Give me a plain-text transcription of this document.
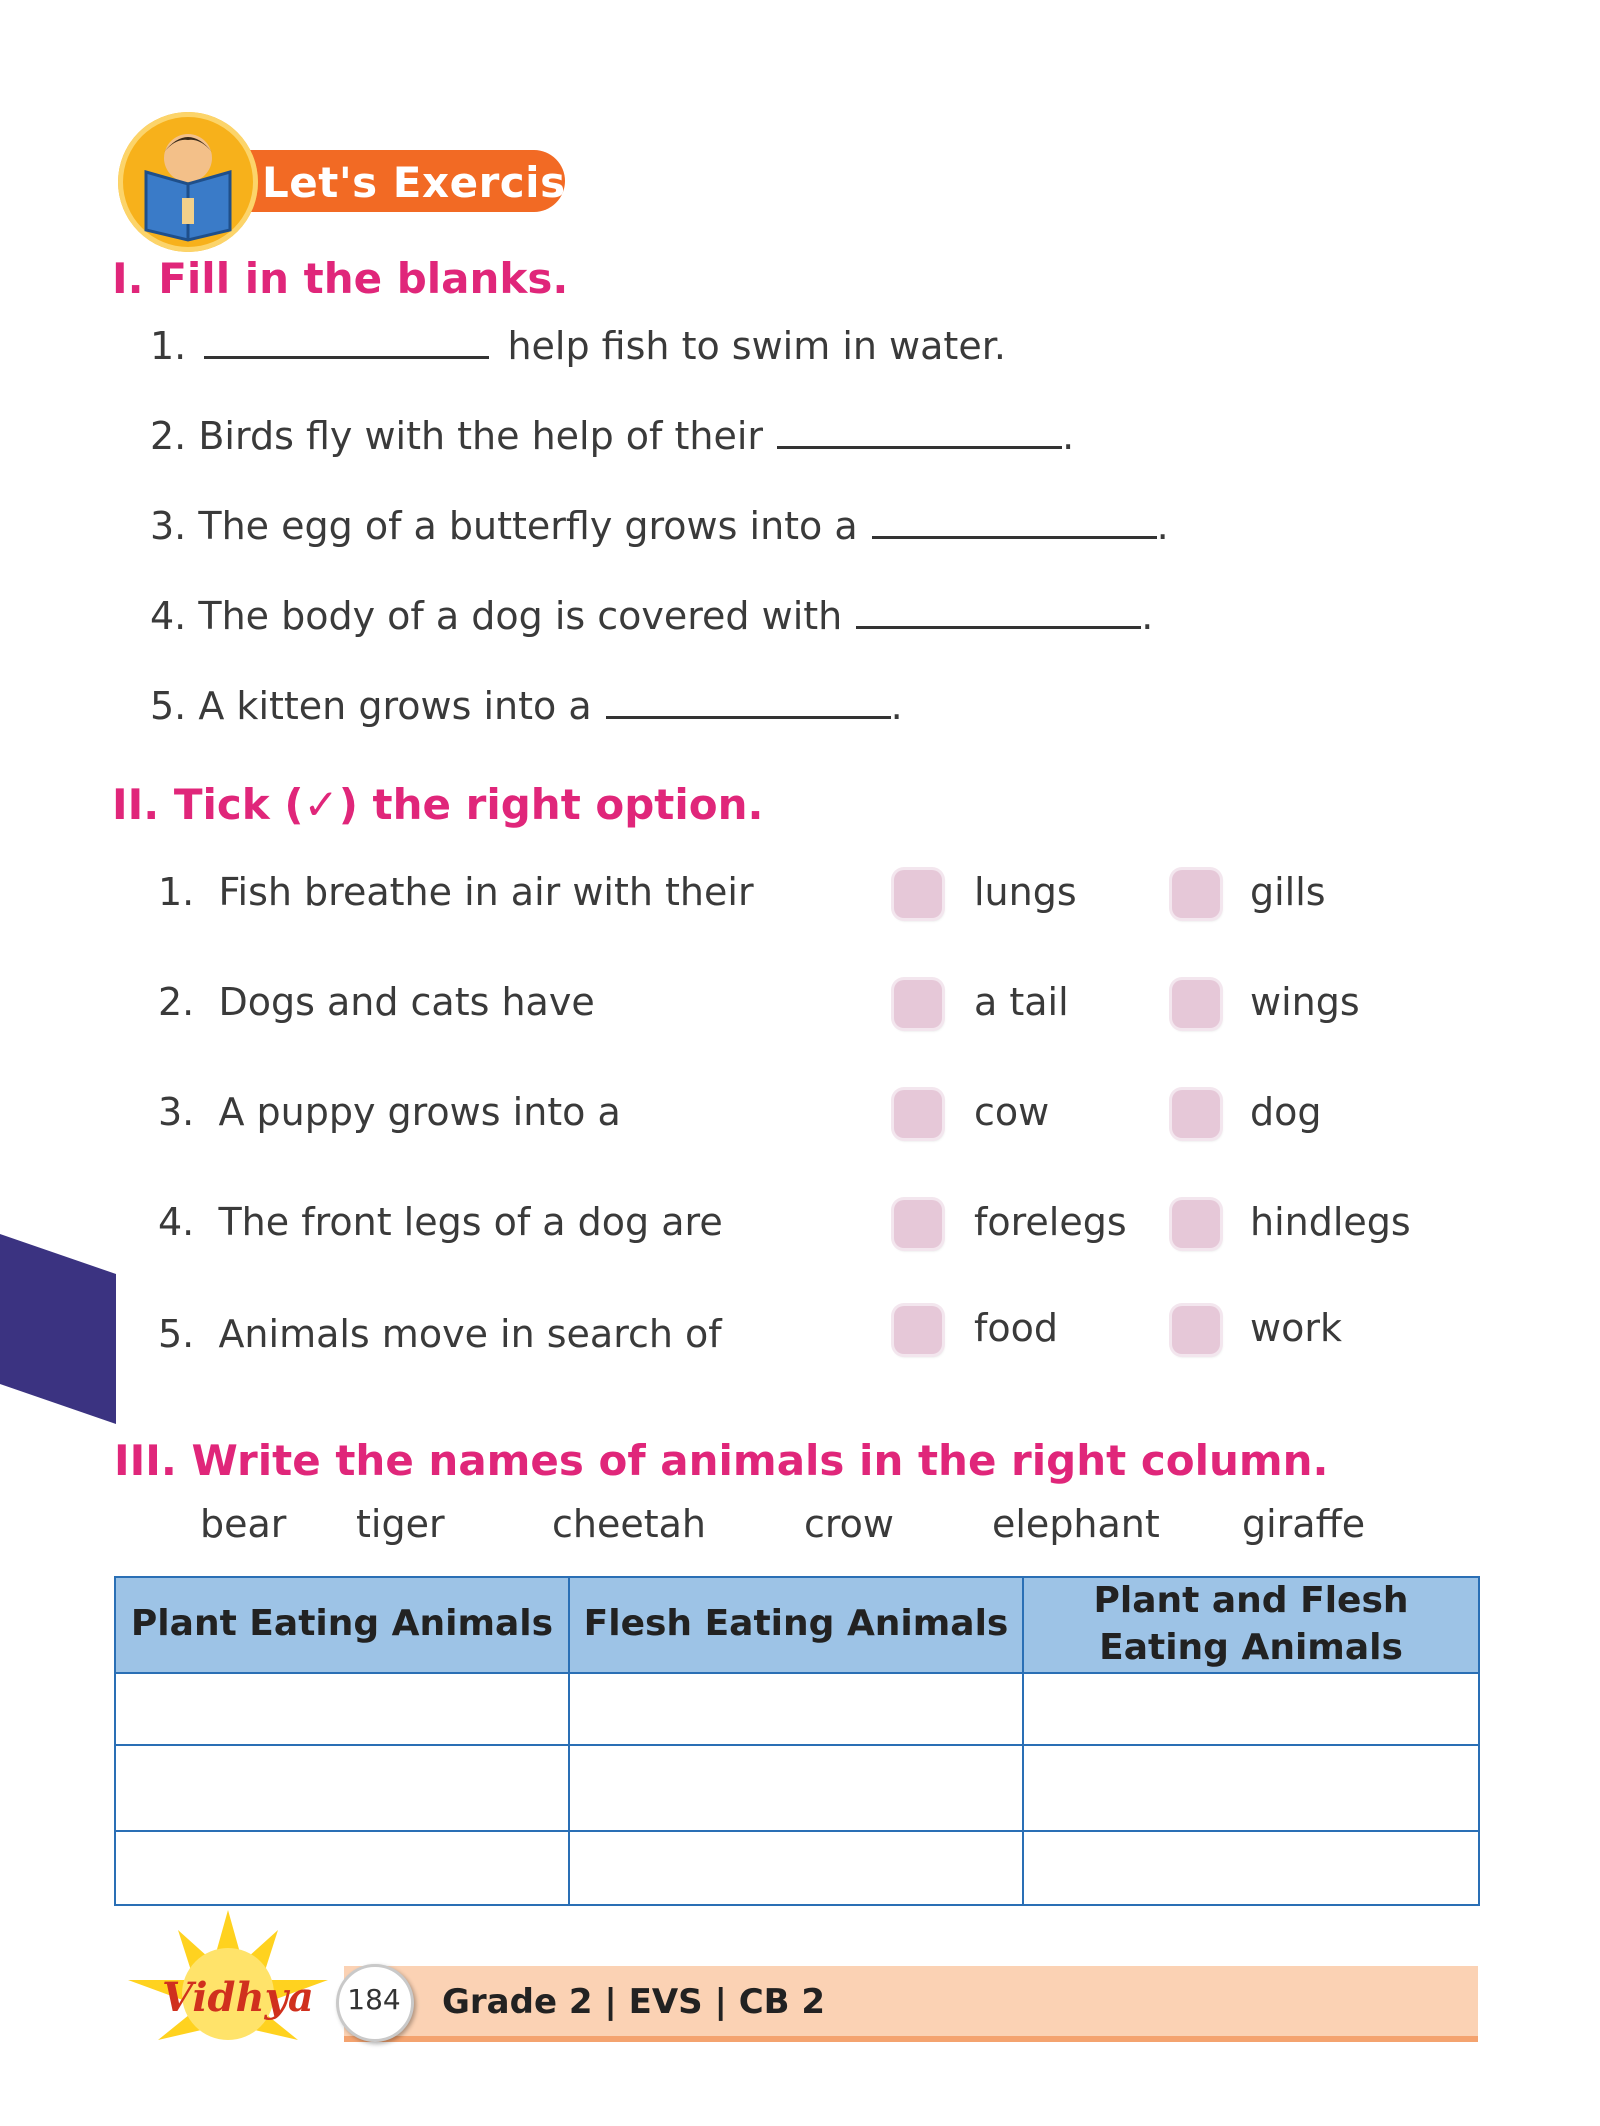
Let's Exercise
I. Fill in the blanks.
1.	help fish to swim in water.
2. Birds fly with the help of their	.
3. The egg of a butterfly grows into a	.
4. The body of a dog is covered with	.
5. A kitten grows into a	.
II. Tick (✓) the right option.
1. Fish breathe in air with their	lungs	gills
2. Dogs and cats have	a tail	wings
3. A puppy grows into a	cow	dog
4. The front legs of a dog are	forelegs	hindlegs
5. Animals move in search of	food	work
III. Write the names of animals in the right column.
bear tiger	cheetah	crow	elephant giraffe
Plant Eating Animals	Flesh Eating Animals	Plant and Flesh Eating Animals

Vidhya 184 Grade 2 | EVS | CB 2
